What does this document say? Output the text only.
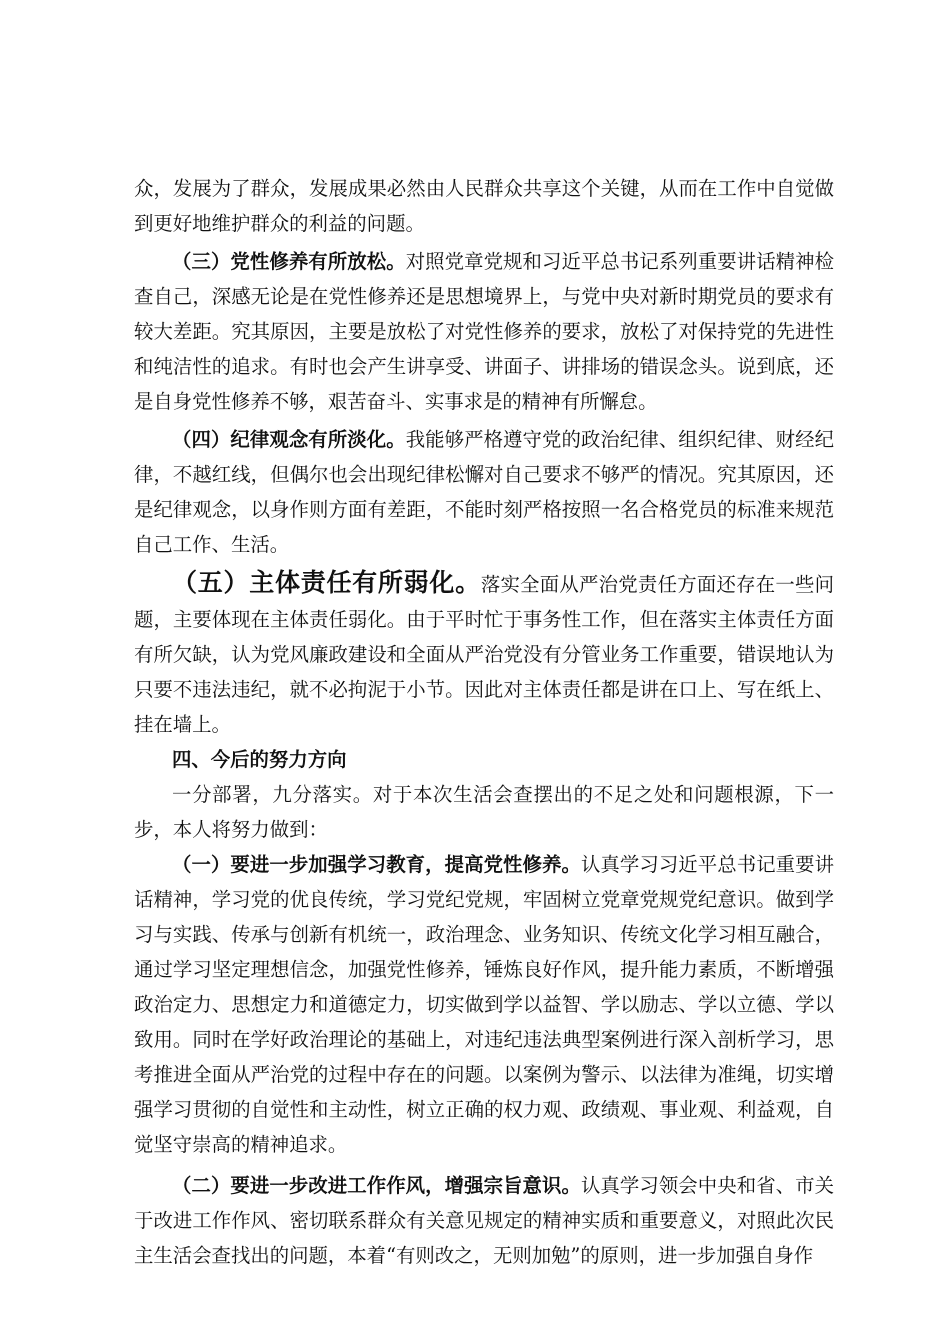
众，发展为了群众，发展成果必然由人民群众共享这个关键，从而在工作中自觉做到更好地维护群众的利益的问题。

（三）党性修养有所放松。对照党章党规和习近平总书记系列重要讲话精神检查自己，深感无论是在党性修养还是思想境界上，与党中央对新时期党员的要求有较大差距。究其原因，主要是放松了对党性修养的要求，放松了对保持党的先进性和纯洁性的追求。有时也会产生讲享受、讲面子、讲排场的错误念头。说到底，还是自身党性修养不够，艰苦奋斗、实事求是的精神有所懈怠。

（四）纪律观念有所淡化。我能够严格遵守党的政治纪律、组织纪律、财经纪律，不越红线，但偶尔也会出现纪律松懈对自己要求不够严的情况。究其原因，还是纪律观念，以身作则方面有差距，不能时刻严格按照一名合格党员的标准来规范自己工作、生活。

（五）主体责任有所弱化。落实全面从严治党责任方面还存在一些问题，主要体现在主体责任弱化。由于平时忙于事务性工作，但在落实主体责任方面有所欠缺，认为党风廉政建设和全面从严治党没有分管业务工作重要，错误地认为只要不违法违纪，就不必拘泥于小节。因此对主体责任都是讲在口上、写在纸上、挂在墙上。

四、今后的努力方向

一分部署，九分落实。对于本次生活会查摆出的不足之处和问题根源，下一步，本人将努力做到：

（一）要进一步加强学习教育，提高党性修养。认真学习习近平总书记重要讲话精神，学习党的优良传统，学习党纪党规，牢固树立党章党规党纪意识。做到学习与实践、传承与创新有机统一，政治理念、业务知识、传统文化学习相互融合，通过学习坚定理想信念，加强党性修养，锤炼良好作风，提升能力素质，不断增强政治定力、思想定力和道德定力，切实做到学以益智、学以励志、学以立德、学以致用。同时在学好政治理论的基础上，对违纪违法典型案例进行深入剖析学习，思考推进全面从严治党的过程中存在的问题。以案例为警示、以法律为准绳，切实增强学习贯彻的自觉性和主动性，树立正确的权力观、政绩观、事业观、利益观，自觉坚守崇高的精神追求。

（二）要进一步改进工作作风，增强宗旨意识。认真学习领会中央和省、市关于改进工作作风、密切联系群众有关意见规定的精神实质和重要意义，对照此次民主生活会查找出的问题，本着“有则改之，无则加勉”的原则，进一步加强自身作
